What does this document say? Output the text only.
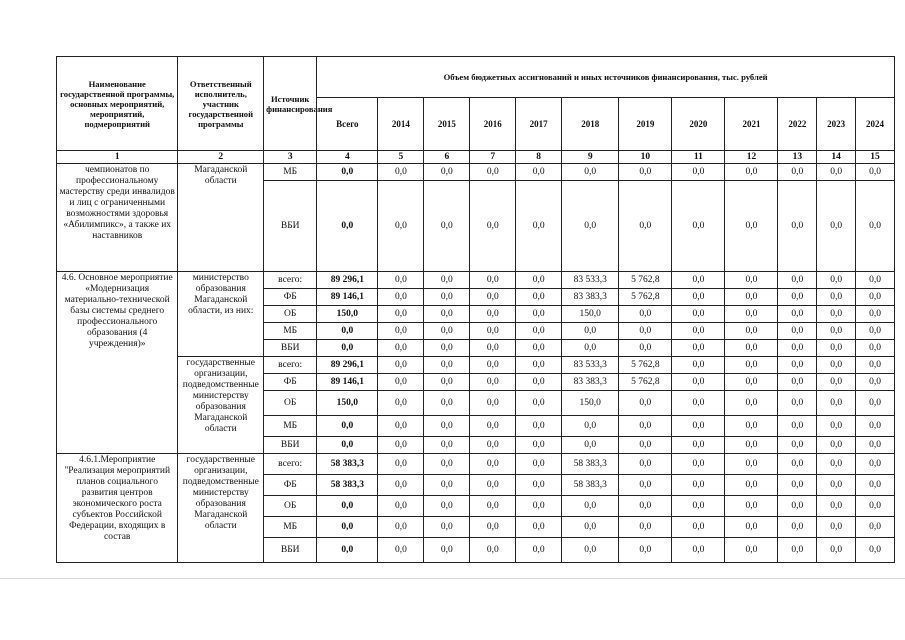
Наименование государственной программы, основных мероприятий, мероприятий, подмероприятий	Ответственный исполнитель, участник государственной программы	Источник финансирования	Объем бюджетных ассигнований и иных источников финансирования, тыс. рублей											
			Всего	2014	2015	2016	2017	2018	2019	2020	2021	2022	2023	2024
1	2	3	4	5	6	7	8	9	10	11	12	13	14	15
чемпионатов по профессиональному мастерству среди инвалидов и лиц с ограниченными возможностями здоровья «Абилимпикс», а также их наставников	Магаданской области	МБ	0,0	0,0	0,0	0,0	0,0	0,0	0,0	0,0	0,0	0,0	0,0	0,0
		ВБИ	0,0	0,0	0,0	0,0	0,0	0,0	0,0	0,0	0,0	0,0	0,0	0,0
4.6. Основное мероприятие «Модернизация материально-технической базы системы среднего профессионального образования (4 учреждения)»	министерство образования Магаданской области, из них:	всего:	89 296,1	0,0	0,0	0,0	0,0	83 533,3	5 762,8	0,0	0,0	0,0	0,0	0,0
		ФБ	89 146,1	0,0	0,0	0,0	0,0	83 383,3	5 762,8	0,0	0,0	0,0	0,0	0,0
		ОБ	150,0	0,0	0,0	0,0	0,0	150,0	0,0	0,0	0,0	0,0	0,0	0,0
		МБ	0,0	0,0	0,0	0,0	0,0	0,0	0,0	0,0	0,0	0,0	0,0	0,0
		ВБИ	0,0	0,0	0,0	0,0	0,0	0,0	0,0	0,0	0,0	0,0	0,0	0,0
	государственные организации, подведомственные министерству образования Магаданской области	всего:	89 296,1	0,0	0,0	0,0	0,0	83 533,3	5 762,8	0,0	0,0	0,0	0,0	0,0
		ФБ	89 146,1	0,0	0,0	0,0	0,0	83 383,3	5 762,8	0,0	0,0	0,0	0,0	0,0
		ОБ	150,0	0,0	0,0	0,0	0,0	150,0	0,0	0,0	0,0	0,0	0,0	0,0
		МБ	0,0	0,0	0,0	0,0	0,0	0,0	0,0	0,0	0,0	0,0	0,0	0,0
		ВБИ	0,0	0,0	0,0	0,0	0,0	0,0	0,0	0,0	0,0	0,0	0,0	0,0
4.6.1.Мероприятие "Реализация мероприятий планов социального развития центров экономического роста субъектов Российской Федерации, входящих в состав	государственные организации, подведомственные министерству образования Магаданской области	всего:	58 383,3	0,0	0,0	0,0	0,0	58 383,3	0,0	0,0	0,0	0,0	0,0	0,0
		ФБ	58 383,3	0,0	0,0	0,0	0,0	58 383,3	0,0	0,0	0,0	0,0	0,0	0,0
		ОБ	0,0	0,0	0,0	0,0	0,0	0,0	0,0	0,0	0,0	0,0	0,0	0,0
		МБ	0,0	0,0	0,0	0,0	0,0	0,0	0,0	0,0	0,0	0,0	0,0	0,0
		ВБИ	0,0	0,0	0,0	0,0	0,0	0,0	0,0	0,0	0,0	0,0	0,0	0,0
